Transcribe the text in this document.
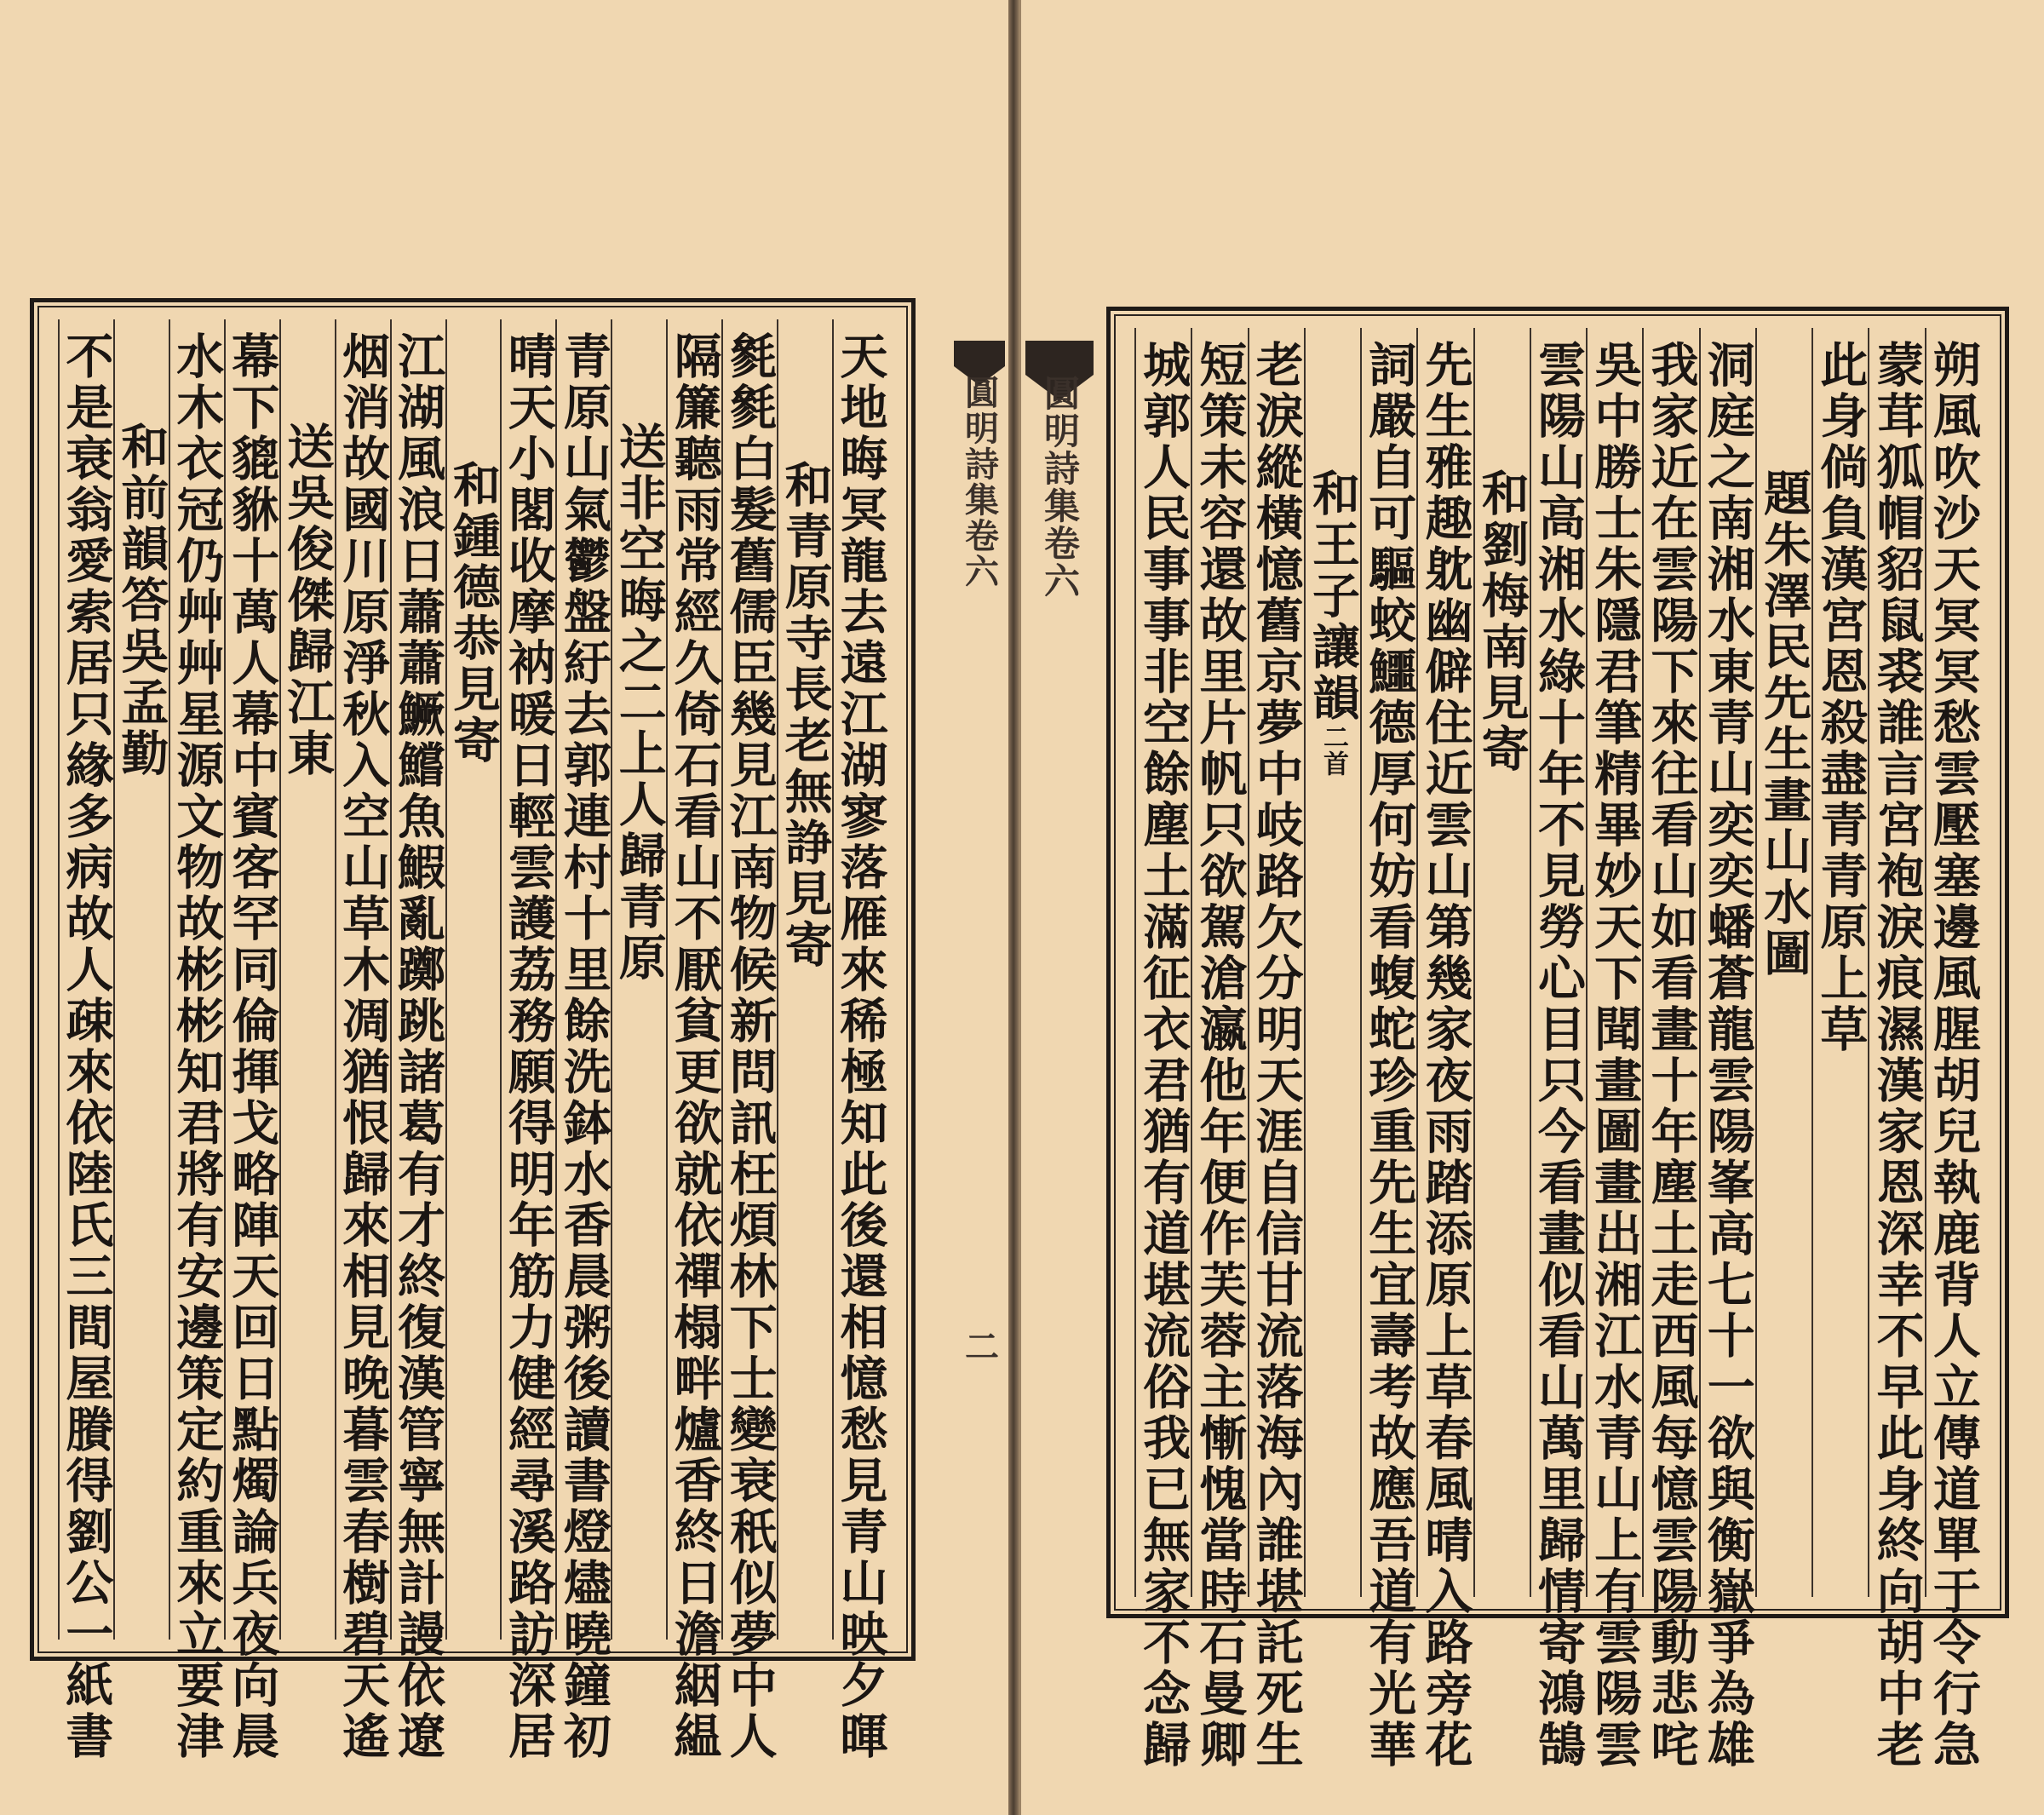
天地晦冥龍去遠江湖寥落雁來稀極知此後還相憶愁見青山映夕暉
和青原寺長老無諍見寄
毿毿白髮舊儒臣幾見江南物候新問訊枉煩林下士變衰秖似夢中人
隔簾聽雨常經久倚石看山不厭貧更欲就依禪榻畔爐香終日澹絪緼
送非空晦之二上人歸青原
青原山氣鬱盤紆去郭連村十里餘洗鉢水香晨粥後讀書燈燼曉鐘初
晴天小閣收摩衲暖日輕雲護荔務願得明年筋力健經尋溪路訪深居
和鍾德恭見寄
江湖風浪日蕭蕭鱖鱨魚鰕亂躑跳諸葛有才終復漢管寧無計謾依遼
烟消故國川原淨秋入空山草木凋猶恨歸來相見晚暮雲春樹碧天遙
送吳俊傑歸江東
幕下貔貅十萬人幕中賓客罕同倫揮戈略陣天回日點燭論兵夜向晨
水木衣冠仍艸艸星源文物故彬彬知君將有安邊策定約重來立要津
和前韻答吳孟勤
不是衰翁愛索居只緣多病故人疎來依陸氏三間屋賸得劉公一紙書	朔風吹沙天冥冥愁雲壓塞邊風腥胡兒執鹿背人立傳道單于令行急
蒙茸狐帽貂鼠裘誰言宮袍淚痕濕漢家恩深幸不早此身終向胡中老
此身倘負漢宮恩殺盡青青原上草
題朱澤民先生畫山水圖
洞庭之南湘水東青山奕奕蟠蒼龍雲陽峯高七十一欲與衡嶽爭為雄
我家近在雲陽下來往看山如看畫十年塵土走西風每憶雲陽動悲咤
吳中勝士朱隱君筆精畢妙天下聞畫圖畫出湘江水青山上有雲陽雲
雲陽山高湘水綠十年不見勞心目只今看畫似看山萬里歸情寄鴻鵠
和劉梅南見寄
先生雅趣躭幽僻住近雲山第幾家夜雨踏添原上草春風晴入路旁花
詞嚴自可驅蛟鱷德厚何妨看蝮蛇珍重先生宜壽考故應吾道有光華
和王子讓韻二首
老淚縱橫憶舊京夢中岐路欠分明天涯自信甘流落海內誰堪託死生
短策未容還故里片帆只欲駕滄瀛他年便作芙蓉主慚愧當時石曼卿
城郭人民事事非空餘塵土滿征衣君猶有道堪流俗我已無家不念歸
圓明詩集卷六
圓明詩集卷六
二
